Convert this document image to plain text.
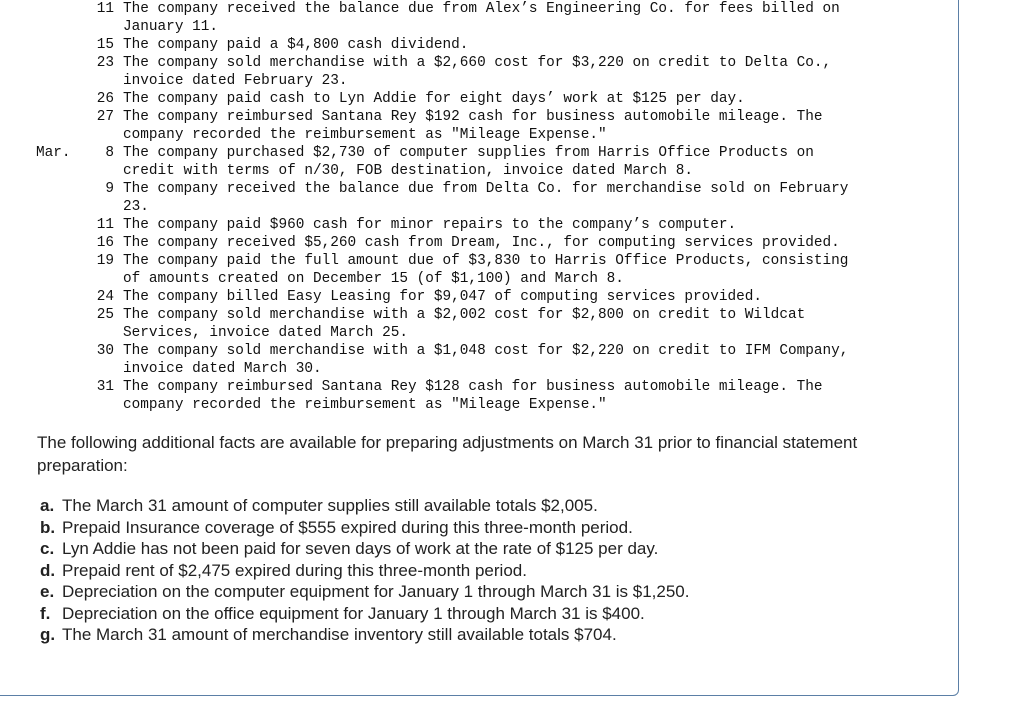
11 The company received the balance due from Alex’s Engineering Co. for fees billed on
January 11.
15 The company paid a $4,800 cash dividend.
23 The company sold merchandise with a $2,660 cost for $3,220 on credit to Delta Co.,
invoice dated February 23.
26 The company paid cash to Lyn Addie for eight days’ work at $125 per day.
27 The company reimbursed Santana Rey $192 cash for business automobile mileage. The
company recorded the reimbursement as "Mileage Expense."
Mar.	8 The company purchased $2,730 of computer supplies from Harris Office Products on
credit with terms of n/30, FOB destination, invoice dated March 8.
9 The company received the balance due from Delta Co. for merchandise sold on February
23.
11 The company paid $960 cash for minor repairs to the company’s computer.
16 The company received $5,260 cash from Dream, Inc., for computing services provided.
19 The company paid the full amount due of $3,830 to Harris Office Products, consisting
of amounts created on December 15 (of $1,100) and March 8.
24 The company billed Easy Leasing for $9,047 of computing services provided.
25 The company sold merchandise with a $2,002 cost for $2,800 on credit to Wildcat
Services, invoice dated March 25.
30 The company sold merchandise with a $1,048 cost for $2,220 on credit to IFM Company,
invoice dated March 30.
31 The company reimbursed Santana Rey $128 cash for business automobile mileage. The
company recorded the reimbursement as "Mileage Expense."
The following additional facts are available for preparing adjustments on March 31 prior to financial statement preparation:
a. The March 31 amount of computer supplies still available totals $2,005.
b. Prepaid Insurance coverage of $555 expired during this three-month period.
c. Lyn Addie has not been paid for seven days of work at the rate of $125 per day.
d. Prepaid rent of $2,475 expired during this three-month period.
e. Depreciation on the computer equipment for January 1 through March 31 is $1,250.
f. Depreciation on the office equipment for January 1 through March 31 is $400.
g. The March 31 amount of merchandise inventory still available totals $704.
